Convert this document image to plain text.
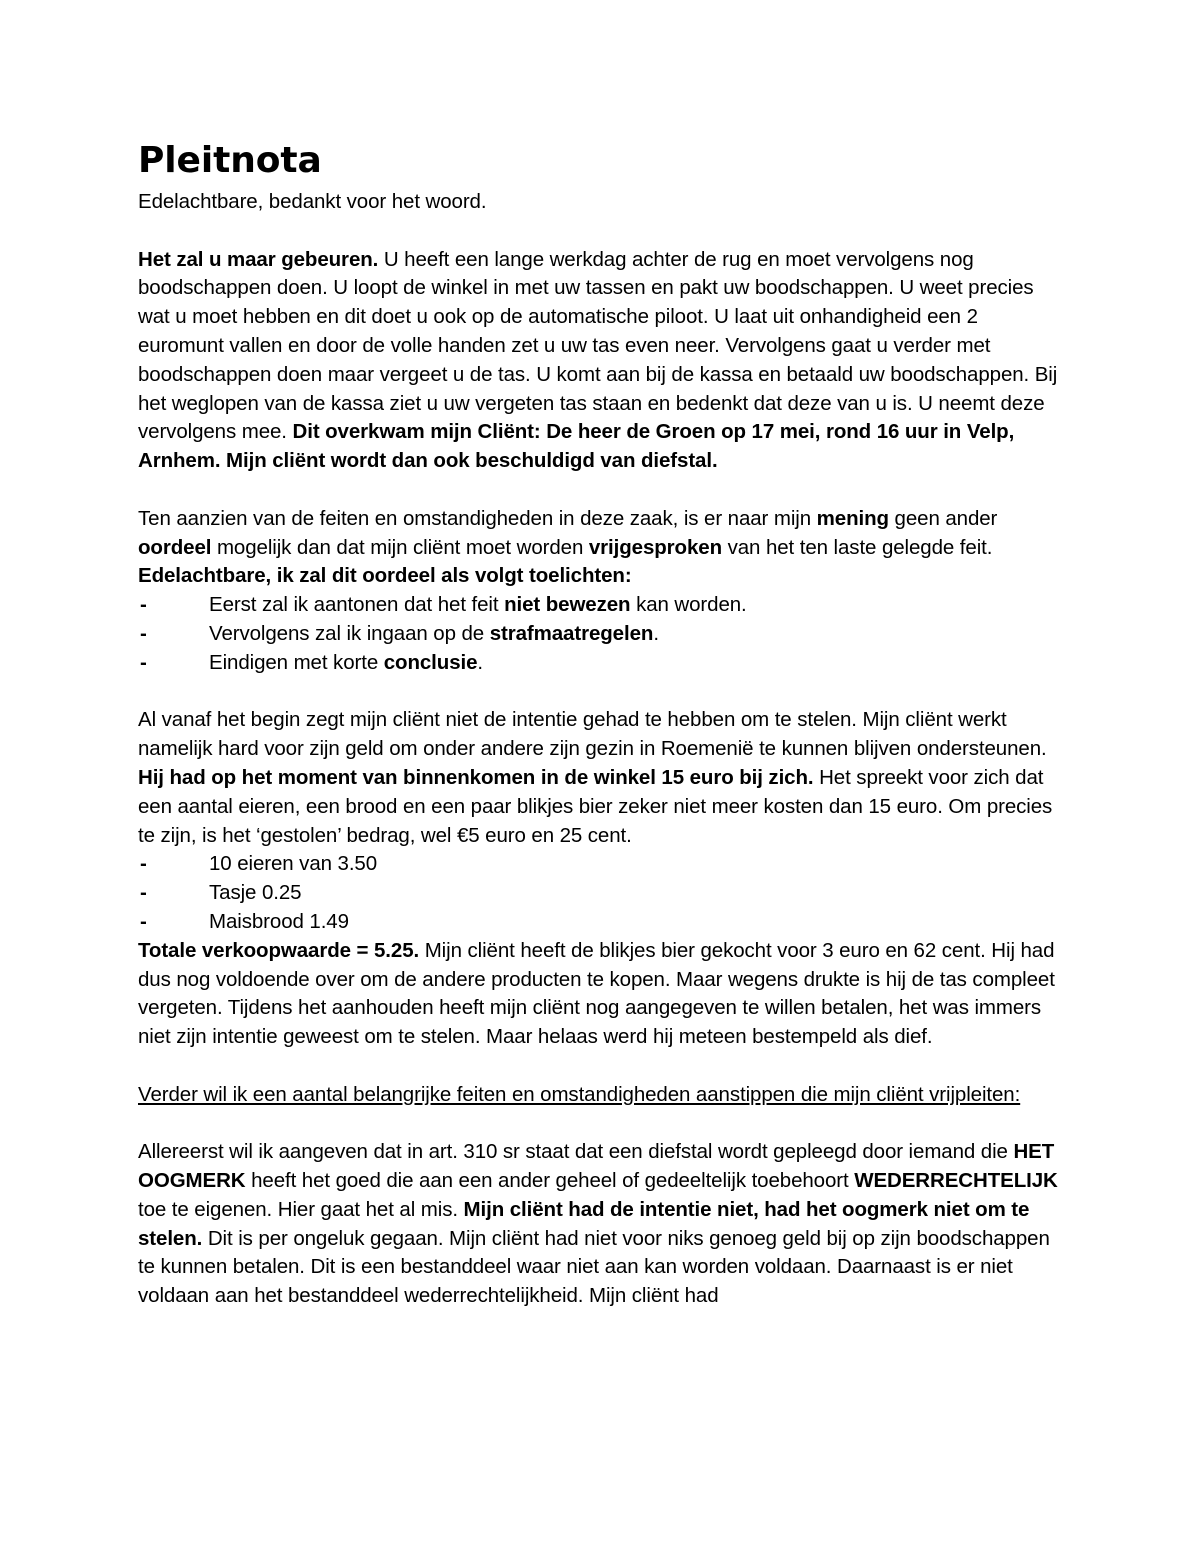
Pleitnota

Edelachtbare, bedankt voor het woord.

Het zal u maar gebeuren. U heeft een lange werkdag achter de rug en moet vervolgens nog boodschappen doen. U loopt de winkel in met uw tassen en pakt uw boodschappen. U weet precies wat u moet hebben en dit doet u ook op de automatische piloot. U laat uit onhandigheid een 2 euromunt vallen en door de volle handen zet u uw tas even neer. Vervolgens gaat u verder met boodschappen doen maar vergeet u de tas. U komt aan bij de kassa en betaald uw boodschappen. Bij het weglopen van de kassa ziet u uw vergeten tas staan en bedenkt dat deze van u is. U neemt deze vervolgens mee. Dit overkwam mijn Cliënt: De heer de Groen op 17 mei, rond 16 uur in Velp, Arnhem. Mijn cliënt wordt dan ook beschuldigd van diefstal.

Ten aanzien van de feiten en omstandigheden in deze zaak, is er naar mijn mening geen ander oordeel mogelijk dan dat mijn cliënt moet worden vrijgesproken van het ten laste gelegde feit.

Edelachtbare, ik zal dit oordeel als volgt toelichten:

-	Eerst zal ik aantonen dat het feit niet bewezen kan worden.
-	Vervolgens zal ik ingaan op de strafmaatregelen.
-	Eindigen met korte conclusie.

Al vanaf het begin zegt mijn cliënt niet de intentie gehad te hebben om te stelen. Mijn cliënt werkt namelijk hard voor zijn geld om onder andere zijn gezin in Roemenië te kunnen blijven ondersteunen. Hij had op het moment van binnenkomen in de winkel 15 euro bij zich. Het spreekt voor zich dat een aantal eieren, een brood en een paar blikjes bier zeker niet meer kosten dan 15 euro. Om precies te zijn, is het ‘gestolen’ bedrag, wel €5 euro en 25 cent.

-	10 eieren van 3.50
-	Tasje 0.25
-	Maisbrood 1.49

Totale verkoopwaarde = 5.25. Mijn cliënt heeft de blikjes bier gekocht voor 3 euro en 62 cent. Hij had dus nog voldoende over om de andere producten te kopen. Maar wegens drukte is hij de tas compleet vergeten. Tijdens het aanhouden heeft mijn cliënt nog aangegeven te willen betalen, het was immers niet zijn intentie geweest om te stelen. Maar helaas werd hij meteen bestempeld als dief.

Verder wil ik een aantal belangrijke feiten en omstandigheden aanstippen die mijn cliënt vrijpleiten:

Allereerst wil ik aangeven dat in art. 310 sr staat dat een diefstal wordt gepleegd door iemand die HET OOGMERK heeft het goed die aan een ander geheel of gedeeltelijk toebehoort WEDERRECHTELIJK toe te eigenen. Hier gaat het al mis. Mijn cliënt had de intentie niet, had het oogmerk niet om te stelen. Dit is per ongeluk gegaan. Mijn cliënt had niet voor niks genoeg geld bij op zijn boodschappen te kunnen betalen. Dit is een bestanddeel waar niet aan kan worden voldaan. Daarnaast is er niet voldaan aan het bestanddeel wederrechtelijkheid. Mijn cliënt had
